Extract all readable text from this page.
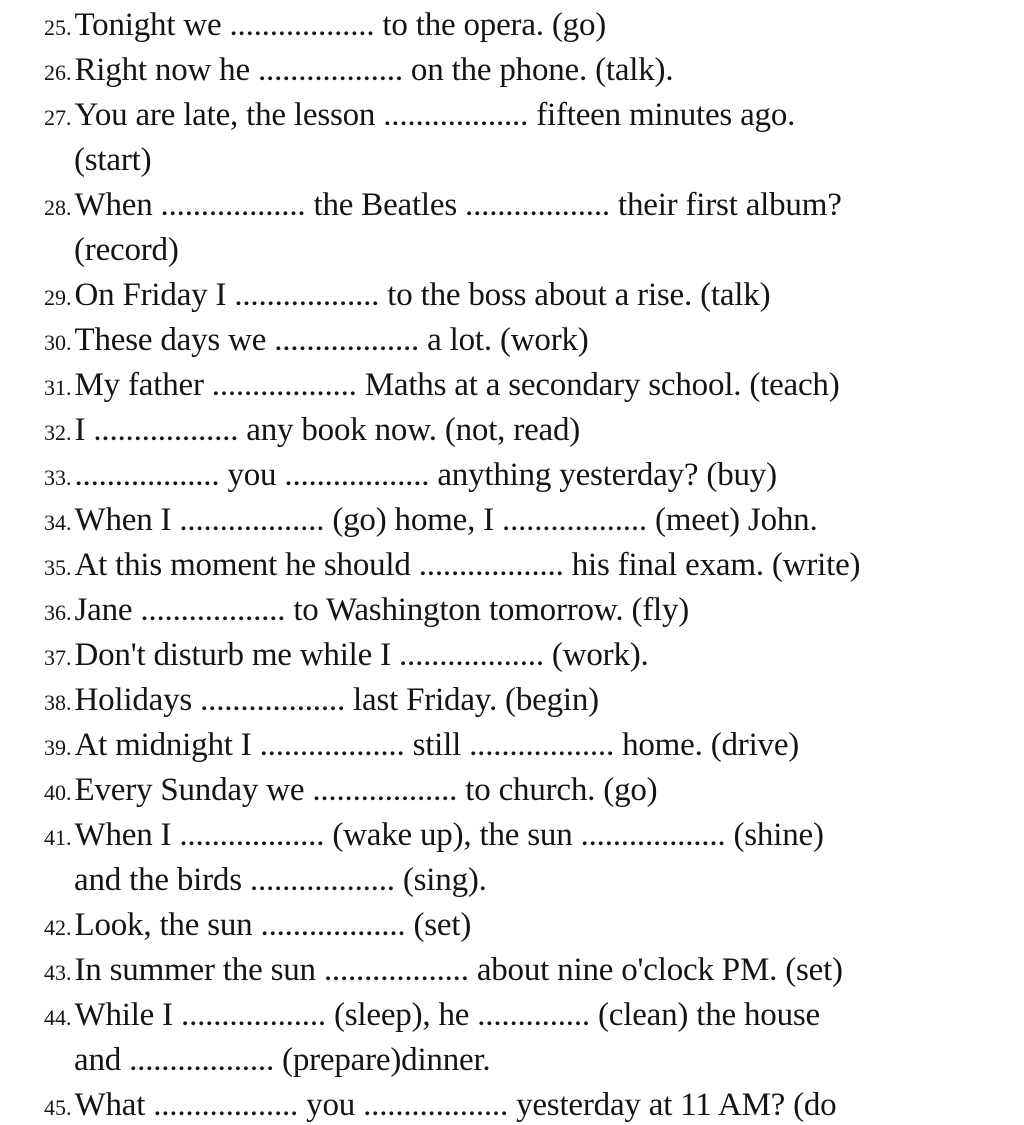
25.Tonight we .................. to the opera. (go)
26.Right now he .................. on the phone. (talk).
27.You are late, the lesson .................. fifteen minutes ago.
(start)
28.When .................. the Beatles .................. their first album?
(record)
29.On Friday I .................. to the boss about a rise. (talk)
30.These days we .................. a lot. (work)
31.My father .................. Maths at a secondary school. (teach)
32.I .................. any book now. (not, read)
33................... you .................. anything yesterday? (buy)
34.When I .................. (go) home, I .................. (meet) John.
35.At this moment he should .................. his final exam. (write)
36.Jane .................. to Washington tomorrow. (fly)
37.Don't disturb me while I .................. (work).
38.Holidays .................. last Friday. (begin)
39.At midnight I .................. still .................. home. (drive)
40.Every Sunday we .................. to church. (go)
41.When I .................. (wake up), the sun .................. (shine)
and the birds .................. (sing).
42.Look, the sun .................. (set)
43.In summer the sun .................. about nine o'clock PM. (set)
44.While I .................. (sleep), he .............. (clean) the house
and .................. (prepare)dinner.
45.What .................. you .................. yesterday at 11 AM? (do
